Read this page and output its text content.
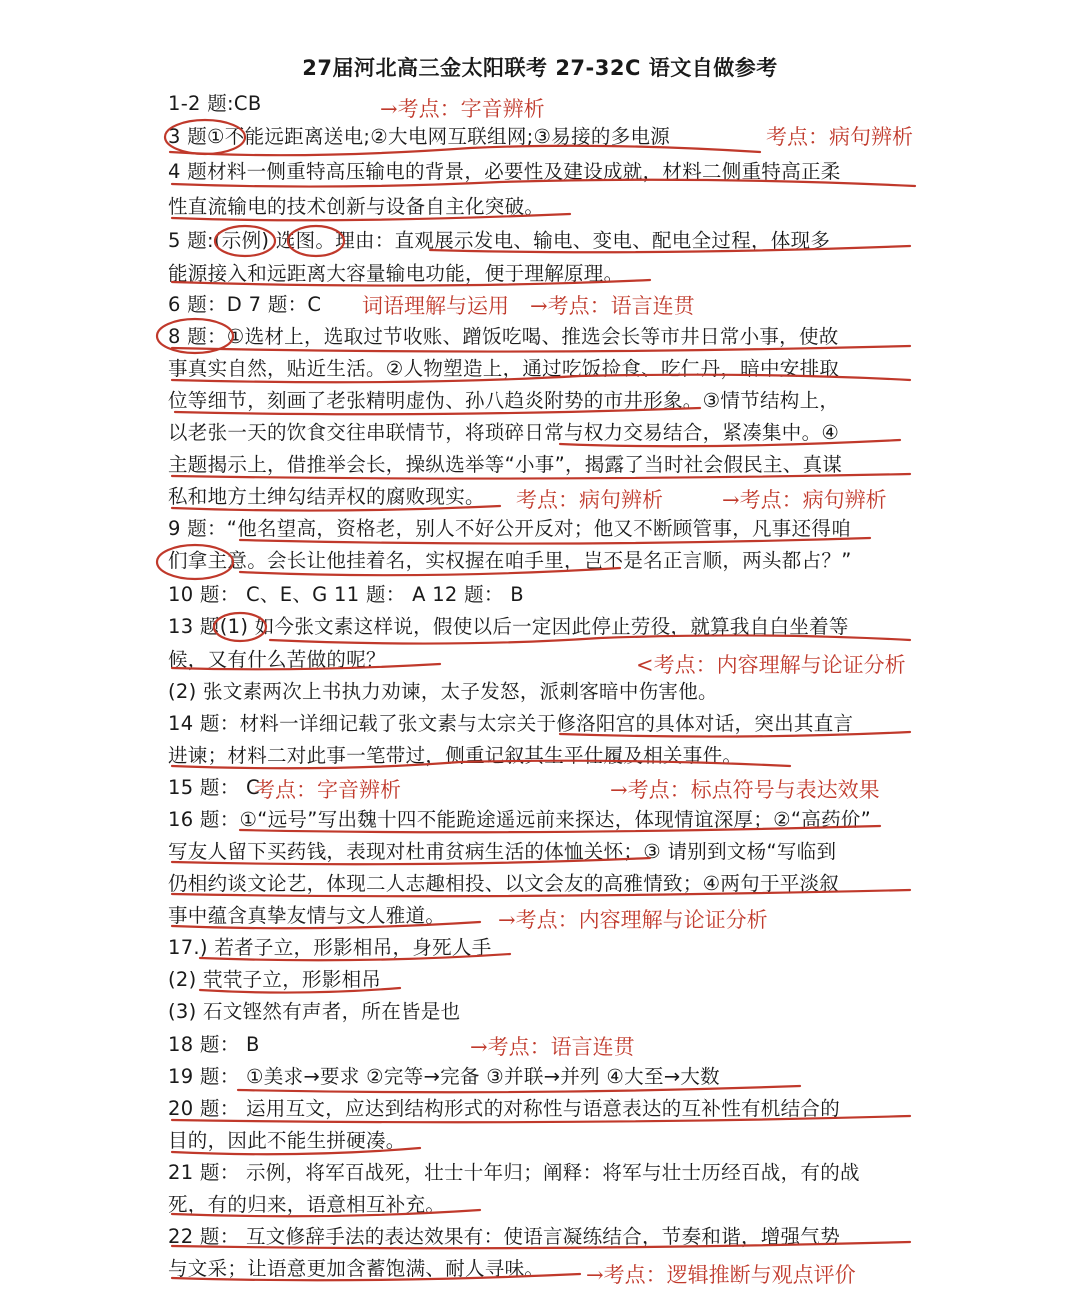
27届河北高三金太阳联考 27-32C 语文自做参考
1-2 题:CB
3 题①不能远距离送电;②大电网互联组网;③易接的多电源
4 题材料一侧重特高压输电的背景，必要性及建设成就，材料二侧重特高正柔
性直流输电的技术创新与设备自主化突破。
5 题:(示例) 选图。理由：直观展示发电、输电、变电、配电全过程，体现多
能源接入和远距离大容量输电功能，便于理解原理。
6 题：D 7 题：C
8 题：①选材上，选取过节收账、蹭饭吃喝、推选会长等市井日常小事，使故
事真实自然，贴近生活。②人物塑造上，通过吃饭捡食、吃仁丹，暗中安排取
位等细节，刻画了老张精明虚伪、孙八趋炎附势的市井形象。③情节结构上，
以老张一天的饮食交往串联情节，将琐碎日常与权力交易结合，紧凑集中。④
主题揭示上，借推举会长，操纵选举等“小事”，揭露了当时社会假民主、真谋
私和地方土绅勾结弄权的腐败现实。
9 题：“他名望高，资格老，别人不好公开反对；他又不断顾管事，凡事还得咱
们拿主意。会长让他挂着名，实权握在咱手里，岂不是名正言顺，两头都占？”
10 题： C、E、G 11 题： A 12 题： B
13 题(1) 如今张文素这样说，假使以后一定因此停止劳役，就算我自白坐着等
候，又有什么苦做的呢？
(2) 张文素两次上书执力劝谏，太子发怒，派刺客暗中伤害他。
14 题：材料一详细记载了张文素与太宗关于修洛阳宫的具体对话，突出其直言
进谏；材料二对此事一笔带过，侧重记叙其生平仕履及相关事件。
15 题： C
16 题：①“远号”写出魏十四不能跪途遥远前来探达，体现情谊深厚；②“高药价”
写友人留下买药钱，表现对杜甫贫病生活的体恤关怀；③ 请别到文杨“写临到
仍相约谈文论艺，体现二人志趣相投、以文会友的高雅情致；④两句于平淡叙
事中蕴含真挚友情与文人雅道。
17.) 若者子立，形影相吊，身死人手
(2) 茕茕子立，形影相吊
(3) 石文铿然有声者，所在皆是也
18 题： B
19 题： ①美求→要求 ②完等→完备 ③并联→并列 ④大至→大数
20 题： 运用互文，应达到结构形式的对称性与语意表达的互补性有机结合的
目的，因此不能生拼硬凑。
21 题： 示例，将军百战死，壮士十年归；阐释：将军与壮士历经百战，有的战
死，有的归来，语意相互补充。
22 题： 互文修辞手法的表达效果有：使语言凝练结合，节奏和谐，增强气势
与文采；让语意更加含蓄饱满、耐人寻味。
→考点：字音辨析
考点：病句辨析
词语理解与运用 →考点：语言连贯
考点：病句辨析	→考点：病句辨析
<考点：内容理解与论证分析
考点：字音辨析	→考点：标点符号与表达效果
→考点：内容理解与论证分析
→考点：语言连贯
→考点：逻辑推断与观点评价
